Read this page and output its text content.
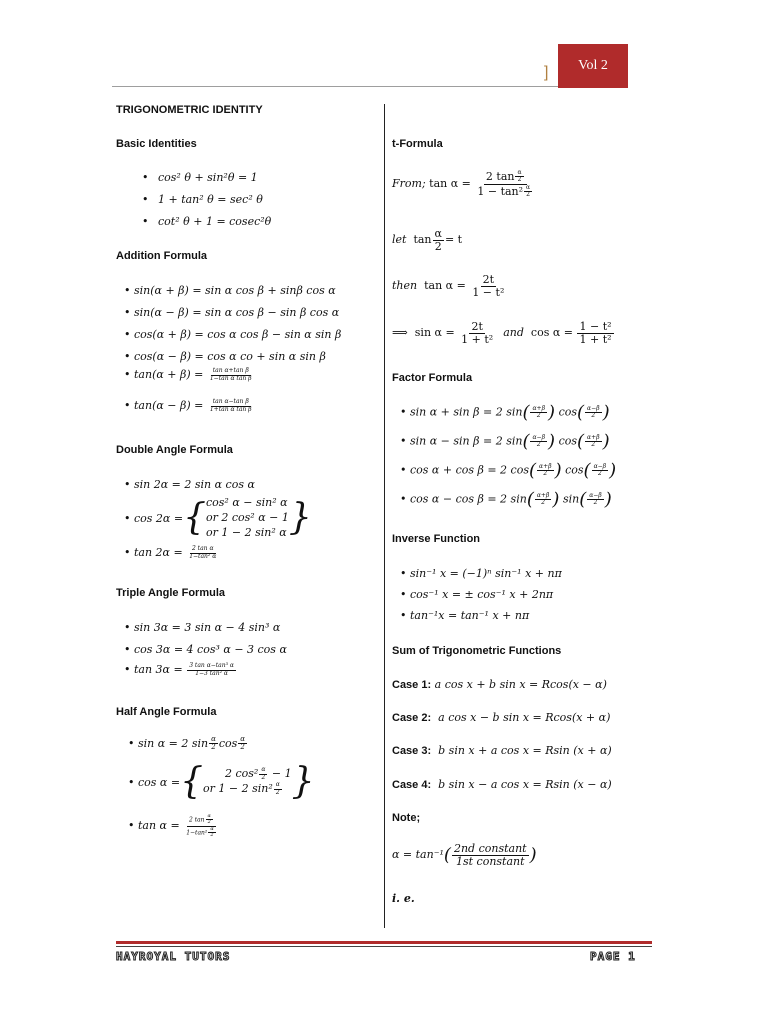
]	Vol 2
TRIGONOMETRIC IDENTITY
Basic Identities
• cos² θ + sin²θ = 1
• 1 + tan² θ = sec² θ
• cot² θ + 1 = cosec²θ
Addition Formula
• sin(α + β) = sin α cos β + sinβ cos α
• sin(α − β) = sin α cos β − sin β cos α
• cos(α + β) = cos α cos β − sin α sin β
• cos(α − β) = cos α co + sin α sin β
• $\tan(\alpha + \beta) = \frac{\text{tan α+tan β}}{\text{1−tan α tan β}}$
• $\tan(\alpha - \beta) = \frac{\text{tan α−tan β}}{\text{1+tan α tan β}}$
Double Angle Formula
• sin 2α = 2 sin α cos α
• cos 2α = { cos² α − sin² α
or 2 cos² α − 1
or 1 − 2 sin² α }
• $\tan 2\alpha = \frac{\text{2 tan α}}{\text{1−tan² α}}$
Triple Angle Formula
• sin 3α = 3 sin α − 4 sin³ α
• cos 3α = 4 cos³ α − 3 cos α
• $\tan 3\alpha = \frac{\text{3 tan α−tan³ α}}{\text{1−3 tan² α}}$
Half Angle Formula
• sin α = 2 $\sin \frac{\alpha}{2}$ $\cos \frac{\alpha}{2}$
• cos α = {	2 $\cos^2 \frac{\alpha}{2} - 1$
or 1 − 2 $\sin^2 \frac{\alpha}{2}$ }
• $\tan \alpha = \frac{2 \tan \frac{\alpha}{2}}{1-\tan^2 \frac{\alpha}{2}}$
t-Formula
From; $\tan \alpha = \frac{2 \tan \frac{\alpha}{2}}{1 - \tan^2 \frac{\alpha}{2}}$
let $\tan \frac{\alpha}{2} = t$
then $\tan \alpha = \frac{2t}{\text{1 − t²}}$
⟹ $\sin \alpha = \frac{2t}{\text{1 + t²}}$ and $\cos \alpha = \frac{\text{1 − t²}}{\text{1 + t²}}$
Factor Formula
• sin α + sin β = 2 $\sin( \frac{\alpha+\beta}{2}$ ) $\cos( \frac{\alpha-\beta}{2}$ )
• sin α − sin β = 2 $\sin( \frac{\alpha-\beta}{2}$ ) $\cos( \frac{\alpha+\beta}{2}$ )
• cos α + cos β = 2 $\cos( \frac{\alpha+\beta}{2}$ ) $\cos( \frac{\alpha-\beta}{2}$ )
• cos α − cos β = 2 $\sin( \frac{\alpha+\beta}{2}$ ) $\sin( \frac{\alpha-\beta}{2}$ )
Inverse Function
• sin⁻¹ x = (−1)ⁿ sin⁻¹ x + nπ
• cos⁻¹ x = ± cos⁻¹ x + 2nπ
• tan⁻¹x = tan⁻¹ x + nπ
Sum of Trigonometric Functions
Case 1: a cos x + b sin x = Rcos(x − α)
Case 2: a cos x − b sin x = Rcos(x + α)
Case 3: b sin x + a cos x = Rsin (x + α)
Case 4: b sin x − a cos x = Rsin (x − α)
Note;
$\alpha = \tan^{-1}( \frac{\text{2nd constant}}{\text{1st constant}}$ )
i. e.
HAYROYAL TUTORS	PAGE 1
